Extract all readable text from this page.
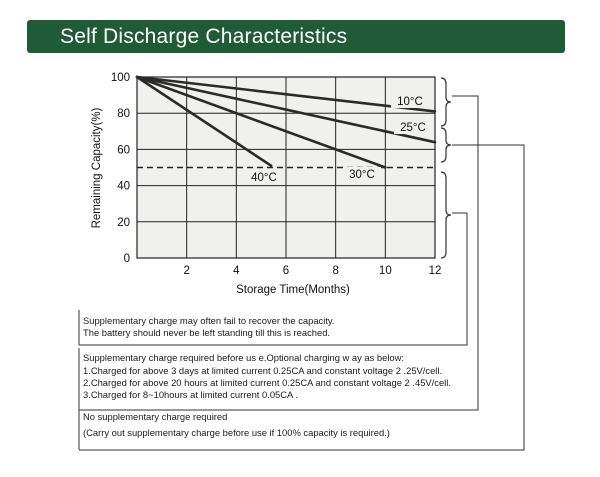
Self Discharge Characteristics
10°C
25°C
30°C
40°C
2	4	6	8	10	12
0
20
40
60
80
100
Storage Time(Months)
Remaining Capacity(%)
Supplementary charge may often fail to recover the capacity.
The battery should never be left standing till this is reached.
Supplementary charge required before us e.Optional charging w ay as below:
1.Charged for above 3 days at limited current 0.25CA and constant voltage 2 .25V/cell.
2.Charged for above 20 hours at limited current 0.25CA and constant voltage 2 .45V/cell.
3.Charged for 8~10hours at limited current 0.05CA .
No supplementary charge required
(Carry out supplementary charge before use if 100% capacity is required.)
